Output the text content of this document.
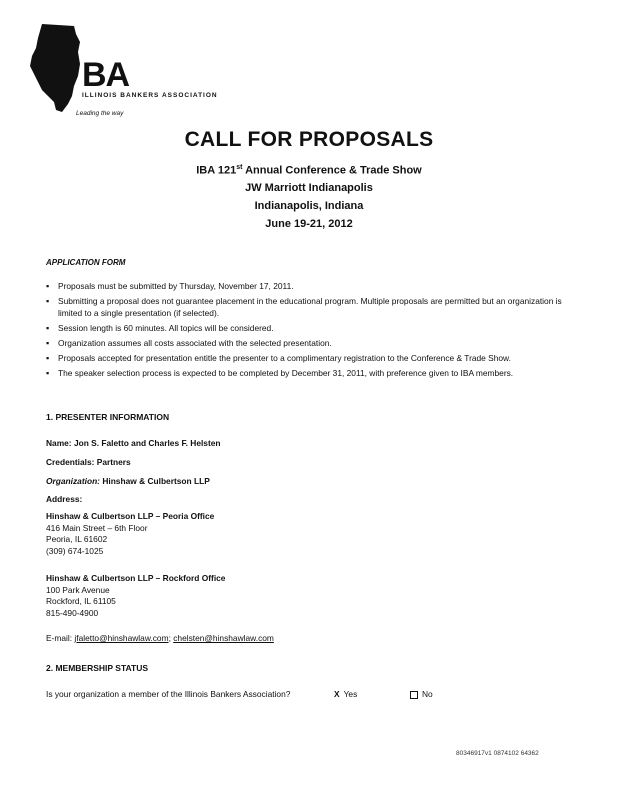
BA
ILLINOIS BANKERS ASSOCIATION
Leading the way
CALL FOR PROPOSALS
IBA 121st Annual Conference & Trade Show
JW Marriott Indianapolis
Indianapolis, Indiana
June 19-21, 2012
APPLICATION FORM
▪ Proposals must be submitted by Thursday, November 17, 2011.
▪ Submitting a proposal does not guarantee placement in the educational program. Multiple proposals are permitted but an organization is limited to a single presentation (if selected).
▪ Session length is 60 minutes. All topics will be considered.
▪ Organization assumes all costs associated with the selected presentation.
▪ Proposals accepted for presentation entitle the presenter to a complimentary registration to the Conference & Trade Show.
▪ The speaker selection process is expected to be completed by December 31, 2011, with preference given to IBA members.
1. PRESENTER INFORMATION
Name: Jon S. Faletto and Charles F. Helsten
Credentials: Partners
Organization: Hinshaw & Culbertson LLP
Address:
Hinshaw & Culbertson LLP – Peoria Office
416 Main Street – 6th Floor
Peoria, IL 61602
(309) 674-1025
Hinshaw & Culbertson LLP – Rockford Office
100 Park Avenue
Rockford, IL 61105
815-490-4900
E-mail: jfaletto@hinshawlaw.com; chelsten@hinshawlaw.com
2. MEMBERSHIP STATUS
Is your organization a member of the Illinois Bankers Association?	X Yes	No
80346917v1 0874102 64362
